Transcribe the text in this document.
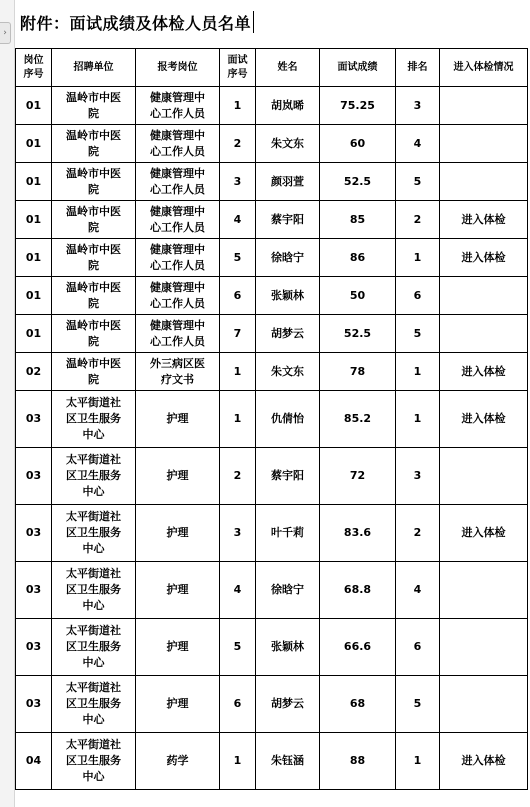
›
附件：面试成绩及体检人员名单
岗位序号	招聘单位	报考岗位	面试序号	姓名	面试成绩	排名	进入体检情况
01	温岭市中医院	健康管理中心工作人员	1	胡岚晞	75.25	3	
01	温岭市中医院	健康管理中心工作人员	2	朱文东	60	4	
01	温岭市中医院	健康管理中心工作人员	3	颜羽萱	52.5	5	
01	温岭市中医院	健康管理中心工作人员	4	蔡宇阳	85	2	进入体检
01	温岭市中医院	健康管理中心工作人员	5	徐晗宁	86	1	进入体检
01	温岭市中医院	健康管理中心工作人员	6	张颖林	50	6	
01	温岭市中医院	健康管理中心工作人员	7	胡梦云	52.5	5	
02	温岭市中医院	外三病区医疗文书	1	朱文东	78	1	进入体检
03	太平街道社区卫生服务中心	护理	1	仇倩怡	85.2	1	进入体检
03	太平街道社区卫生服务中心	护理	2	蔡宇阳	72	3	
03	太平街道社区卫生服务中心	护理	3	叶千莉	83.6	2	进入体检
03	太平街道社区卫生服务中心	护理	4	徐晗宁	68.8	4	
03	太平街道社区卫生服务中心	护理	5	张颖林	66.6	6	
03	太平街道社区卫生服务中心	护理	6	胡梦云	68	5	
04	太平街道社区卫生服务中心	药学	1	朱钰涵	88	1	进入体检
